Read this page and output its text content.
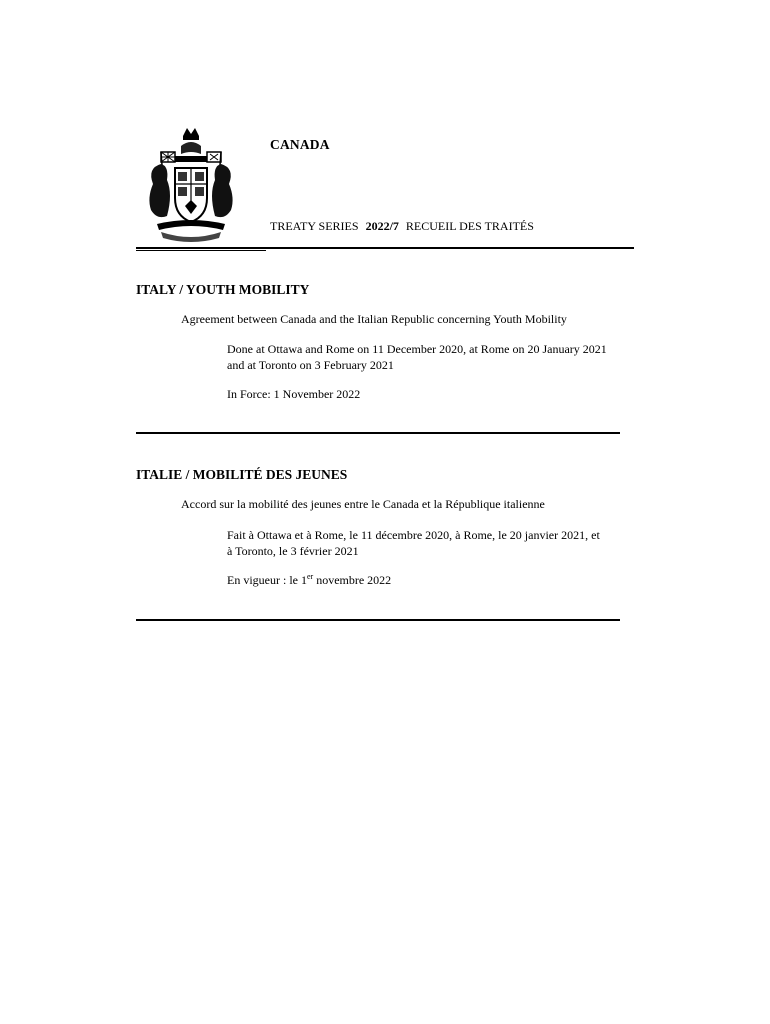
CANADA
TREATY SERIES 2022/7 RECUEIL DES TRAITÉS
ITALY / YOUTH MOBILITY
Agreement between Canada and the Italian Republic concerning Youth Mobility
Done at Ottawa and Rome on 11 December 2020, at Rome on 20 January 2021
and at Toronto on 3 February 2021
In Force: 1 November 2022
ITALIE / MOBILITÉ DES JEUNES
Accord sur la mobilité des jeunes entre le Canada et la République italienne
Fait à Ottawa et à Rome, le 11 décembre 2020, à Rome, le 20 janvier 2021, et
à Toronto, le 3 février 2021
En vigueur : le 1er novembre 2022
